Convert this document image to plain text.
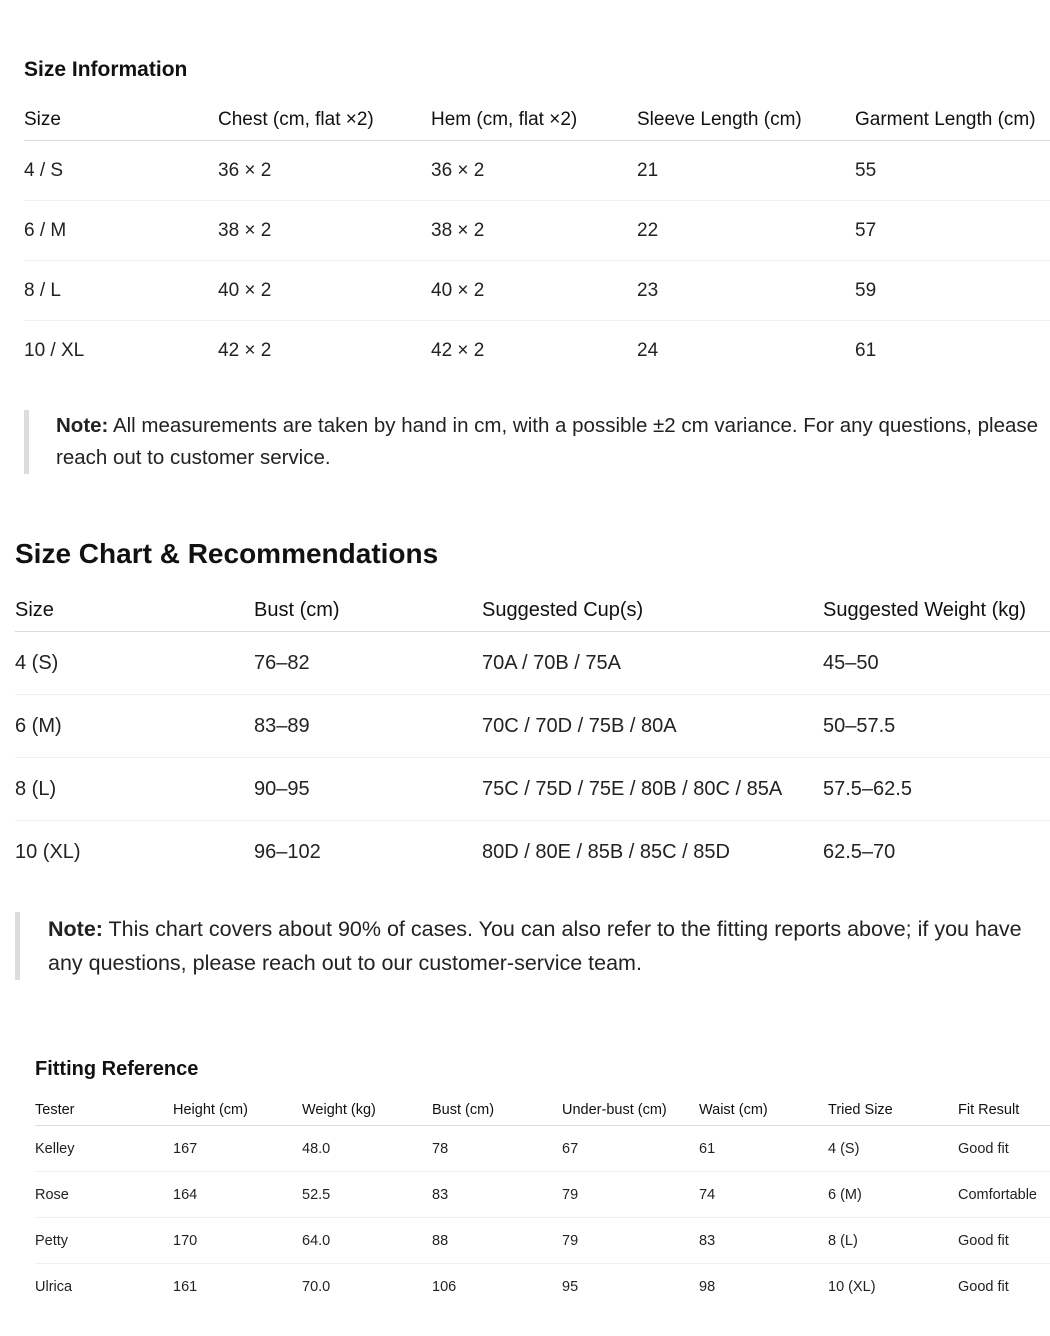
Size Information
Size	Chest (cm, flat ×2)	Hem (cm, flat ×2)	Sleeve Length (cm)	Garment Length (cm)
4 / S	36 × 2	36 × 2	21	55
6 / M	38 × 2	38 × 2	22	57
8 / L	40 × 2	40 × 2	23	59
10 / XL	42 × 2	42 × 2	24	61
Note: All measurements are taken by hand in cm, with a possible ±2 cm variance. For any questions, please reach out to customer service.
Size Chart & Recommendations
Size	Bust (cm)	Suggested Cup(s)	Suggested Weight (kg)
4 (S)	76–82	70A / 70B / 75A	45–50
6 (M)	83–89	70C / 70D / 75B / 80A	50–57.5
8 (L)	90–95	75C / 75D / 75E / 80B / 80C / 85A	57.5–62.5
10 (XL)	96–102	80D / 80E / 85B / 85C / 85D	62.5–70
Note: This chart covers about 90% of cases. You can also refer to the fitting reports above; if you have any questions, please reach out to our customer-service team.
Fitting Reference
Tester	Height (cm)	Weight (kg)	Bust (cm)	Under-bust (cm)	Waist (cm)	Tried Size	Fit Result
Kelley	167	48.0	78	67	61	4 (S)	Good fit
Rose	164	52.5	83	79	74	6 (M)	Comfortable
Petty	170	64.0	88	79	83	8 (L)	Good fit
Ulrica	161	70.0	106	95	98	10 (XL)	Good fit
